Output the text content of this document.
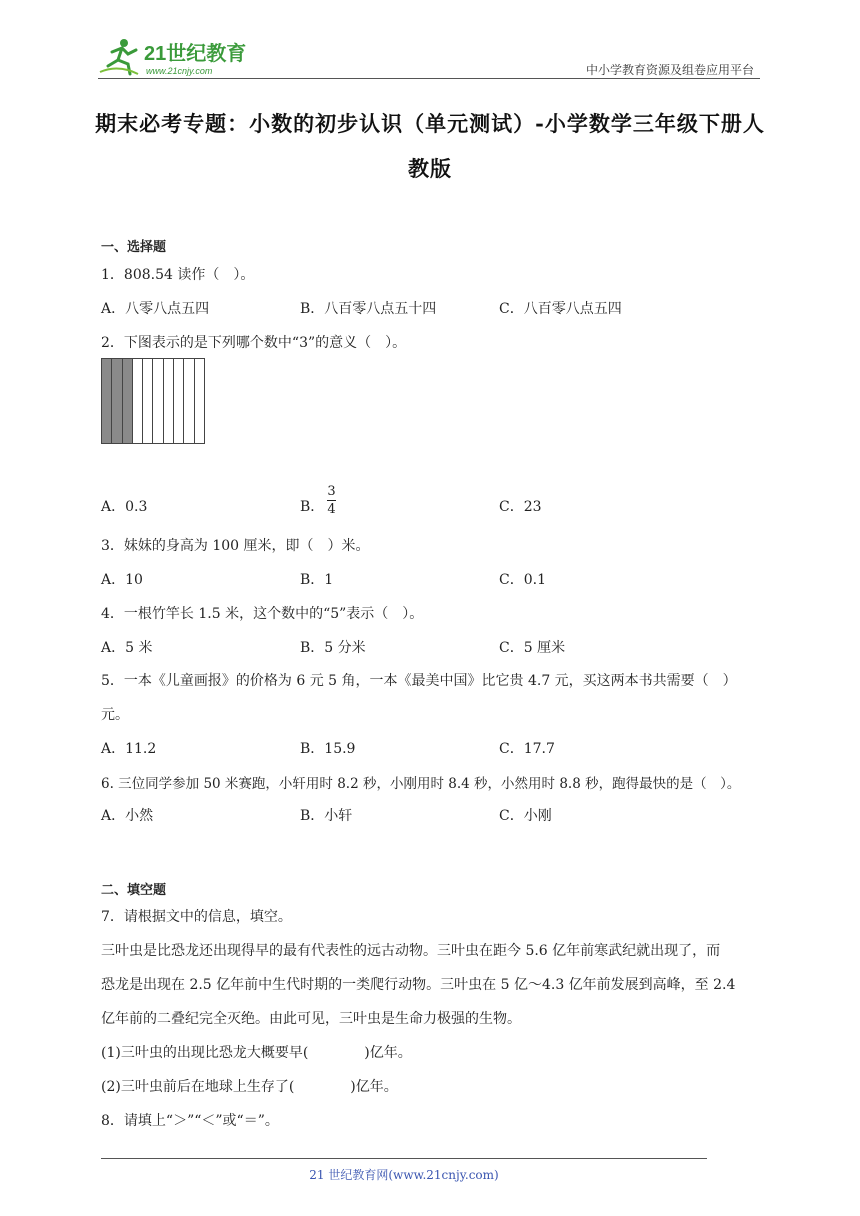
21世纪教育
www.21cnjy.com	中小学教育资源及组卷应用平台
期末必考专题：小数的初步认识（单元测试）-小学数学三年级下册人
教版
一、选择题
1．808.54 读作（　）。
A．八零八点五四	B．八百零八点五十四	C．八百零八点五四
2．下图表示的是下列哪个数中“3”的意义（　）。
A．0.3	B．
3
4	C．23
3．妹妹的身高为 100 厘米，即（　）米。
A．10	B．1	C．0.1
4．一根竹竿长 1.5 米，这个数中的“5”表示（　）。
A．5 米	B．5 分米	C．5 厘米
5．一本《儿童画报》的价格为 6 元 5 角，一本《最美中国》比它贵 4.7 元，买这两本书共需要（　）
元。
A．11.2	B．15.9	C．17.7
6. 三位同学参加 50 米赛跑，小轩用时 8.2 秒，小刚用时 8.4 秒，小然用时 8.8 秒，跑得最快的是（　）。
A．小然	B．小轩	C．小刚
二、填空题
7．请根据文中的信息，填空。
三叶虫是比恐龙还出现得早的最有代表性的远古动物。三叶虫在距今 5.6 亿年前寒武纪就出现了，而
恐龙是出现在 2.5 亿年前中生代时期的一类爬行动物。三叶虫在 5 亿～4.3 亿年前发展到高峰，至 2.4
亿年前的二叠纪完全灭绝。由此可见，三叶虫是生命力极强的生物。
(1)三叶虫的出现比恐龙大概要早(　　　　)亿年。
(2)三叶虫前后在地球上生存了(　　　　)亿年。
8．请填上“＞”“＜”或“＝”。
21 世纪教育网(www.21cnjy.com)
